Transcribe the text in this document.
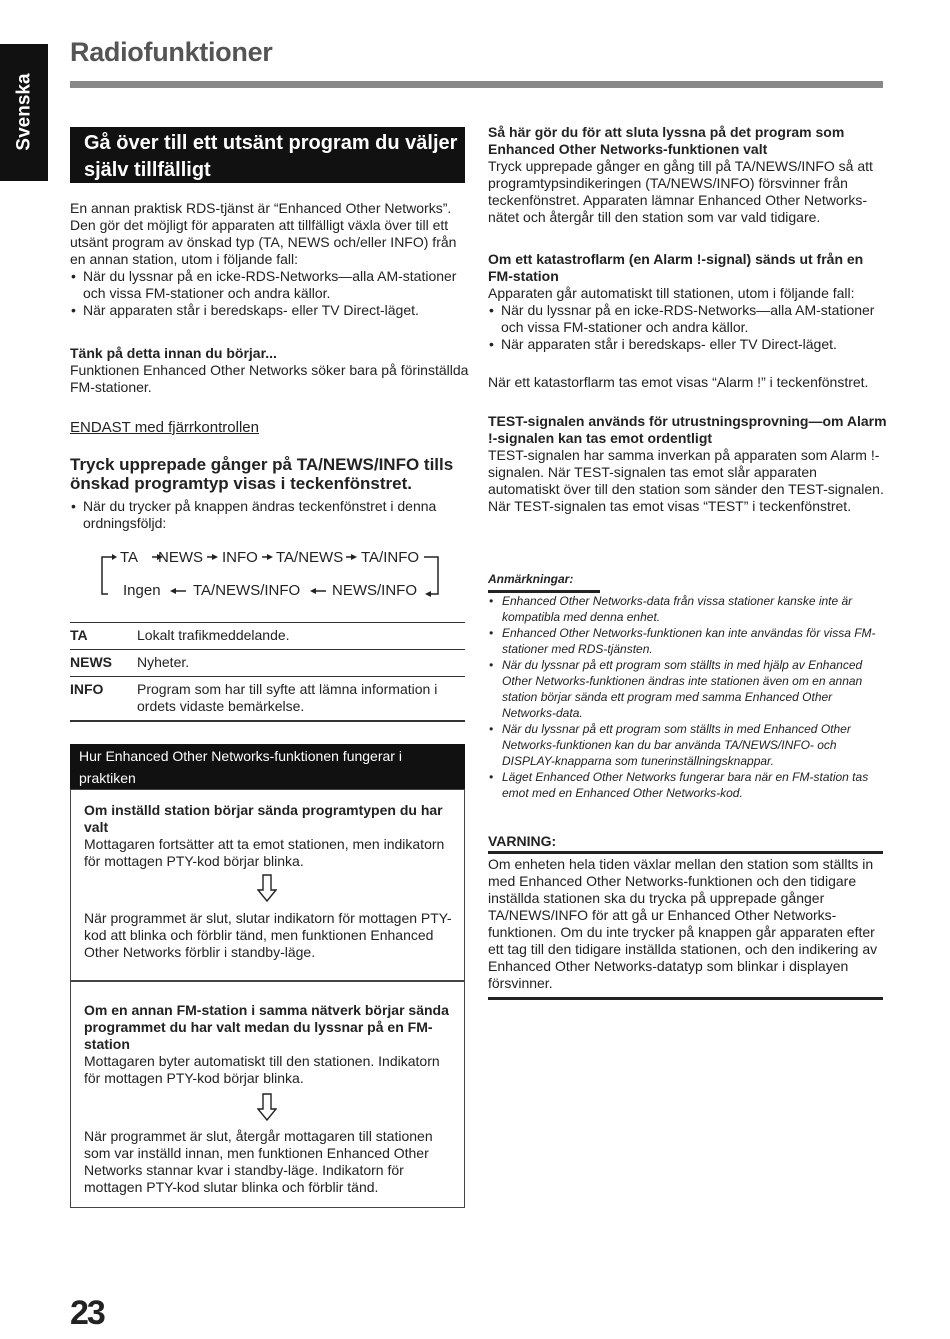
Svenska
Radiofunktioner
Gå över till ett utsänt program du väljer själv tillfälligt

En annan praktisk RDS-tjänst är “Enhanced Other Networks”. Den gör det möjligt för apparaten att tillfälligt växla över till ett utsänt program av önskad typ (TA, NEWS och/eller INFO) från en annan station, utom i följande fall:

• När du lyssnar på en icke-RDS-Networks—alla AM-stationer och vissa FM-stationer och andra källor.
• När apparaten står i beredskaps- eller TV Direct-läget.

Tänk på detta innan du börjar...

Funktionen Enhanced Other Networks söker bara på förinställda FM-stationer.

ENDAST med fjärrkontrollen
Tryck upprepade gånger på TA/NEWS/INFO tills önskad programtyp visas i teckenfönstret.
• När du trycker på knappen ändras teckenfönstret i denna ordningsföljd:
TA NEWS INFO TA/NEWS TA/INFO
Ingen TA/NEWS/INFO NEWS/INFO
TA	Lokalt trafikmeddelande.
NEWS	Nyheter.
INFO	Program som har till syfte att lämna information i ordets vidaste bemärkelse.
Hur Enhanced Other Networks-funktionen fungerar i praktiken

Om inställd station börjar sända programtypen du har valt

Mottagaren fortsätter att ta emot stationen, men indikatorn för mottagen PTY-kod börjar blinka.

När programmet är slut, slutar indikatorn för mottagen PTY-kod att blinka och förblir tänd, men funktionen Enhanced Other Networks förblir i standby-läge.

Om en annan FM-station i samma nätverk börjar sända programmet du har valt medan du lyssnar på en FM-station

Mottagaren byter automatiskt till den stationen. Indikatorn för mottagen PTY-kod börjar blinka.

När programmet är slut, återgår mottagaren till stationen som var inställd innan, men funktionen Enhanced Other Networks stannar kvar i standby-läge. Indikatorn för mottagen PTY-kod slutar blinka och förblir tänd.

Så här gör du för att sluta lyssna på det program som Enhanced Other Networks-funktionen valt

Tryck upprepade gånger en gång till på TA/NEWS/INFO så att programtypsindikeringen (TA/NEWS/INFO) försvinner från teckenfönstret. Apparaten lämnar Enhanced Other Networks-nätet och återgår till den station som var vald tidigare.

Om ett katastroflarm (en Alarm !-signal) sänds ut från en FM-station

Apparaten går automatiskt till stationen, utom i följande fall:

• När du lyssnar på en icke-RDS-Networks—alla AM-stationer och vissa FM-stationer och andra källor.
• När apparaten står i beredskaps- eller TV Direct-läget.

När ett katastorflarm tas emot visas “Alarm !” i teckenfönstret.

TEST-signalen används för utrustningsprovning—om Alarm !-signalen kan tas emot ordentligt

TEST-signalen har samma inverkan på apparaten som Alarm !-signalen. När TEST-signalen tas emot slår apparaten automatiskt över till den station som sänder den TEST-signalen.

När TEST-signalen tas emot visas “TEST” i teckenfönstret.

Anmärkningar:
• Enhanced Other Networks-data från vissa stationer kanske inte är kompatibla med denna enhet.
• Enhanced Other Networks-funktionen kan inte användas för vissa FM-stationer med RDS-tjänsten.
• När du lyssnar på ett program som ställts in med hjälp av Enhanced Other Networks-funktionen ändras inte stationen även om en annan station börjar sända ett program med samma Enhanced Other Networks-data.
• När du lyssnar på ett program som ställts in med Enhanced Other Networks-funktionen kan du bar använda TA/NEWS/INFO- och DISPLAY-knapparna som tunerinställningsknappar.
• Läget Enhanced Other Networks fungerar bara när en FM-station tas emot med en Enhanced Other Networks-kod.
VARNING:

Om enheten hela tiden växlar mellan den station som ställts in med Enhanced Other Networks-funktionen och den tidigare inställda stationen ska du trycka på upprepade gånger TA/NEWS/INFO för att gå ur Enhanced Other Networks-funktionen. Om du inte trycker på knappen går apparaten efter ett tag till den tidigare inställda stationen, och den indikering av Enhanced Other Networks-datatyp som blinkar i displayen försvinner.

23
